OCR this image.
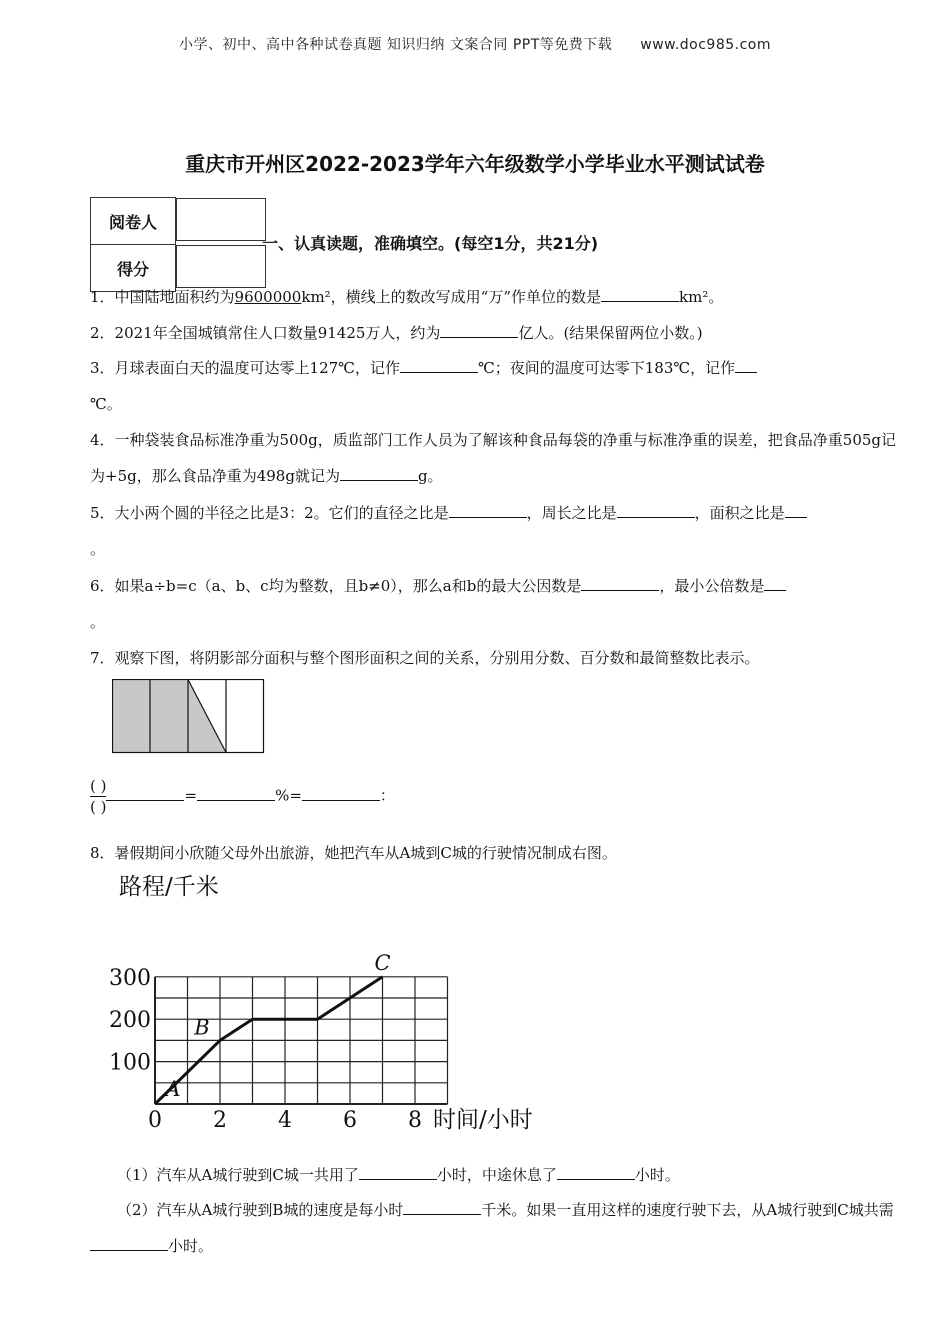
小学、初中、高中各种试卷真题 知识归纳 文案合同 PPT等免费下载 www.doc985.com
重庆市开州区2022-2023学年六年级数学小学毕业水平测试试卷
阅卷人	
得分	
一、认真读题，准确填空。(每空1分，共21分)
1．中国陆地面积约为9600000km²，横线上的数改写成用“万”作单位的数是	km²。
2．2021年全国城镇常住人口数量91425万人，约为	亿人。(结果保留两位小数。)
3．月球表面白天的温度可达零上127℃，记作	℃；夜间的温度可达零下183℃，记作
℃。
4．一种袋装食品标准净重为500g，质监部门工作人员为了解该种食品每袋的净重与标准净重的误差，把食品净重505g记为+5g，那么食品净重为498g就记为	g。
5．大小两个圆的半径之比是3：2。它们的直径之比是	，周长之比是	，面积之比是
。
6．如果a÷b=c（a、b、c均为整数，且b≠0），那么a和b的最大公因数是	，最小公倍数是
。
7．观察下图，将阴影部分面积与整个图形面积之间的关系，分别用分数、百分数和最简整数比表示。
( )
( )
=	%=	：
8．暑假期间小欣随父母外出旅游，她把汽车从A城到C城的行驶情况制成右图。
路程/千米
时间/小时
0 2 4 6 8
100
200
300
A
B
C
（1）汽车从A城行驶到C城一共用了	小时，中途休息了	小时。
（2）汽车从A城行驶到B城的速度是每小时	千米。如果一直用这样的速度行驶下去，从A城行驶到C城共需小时。
